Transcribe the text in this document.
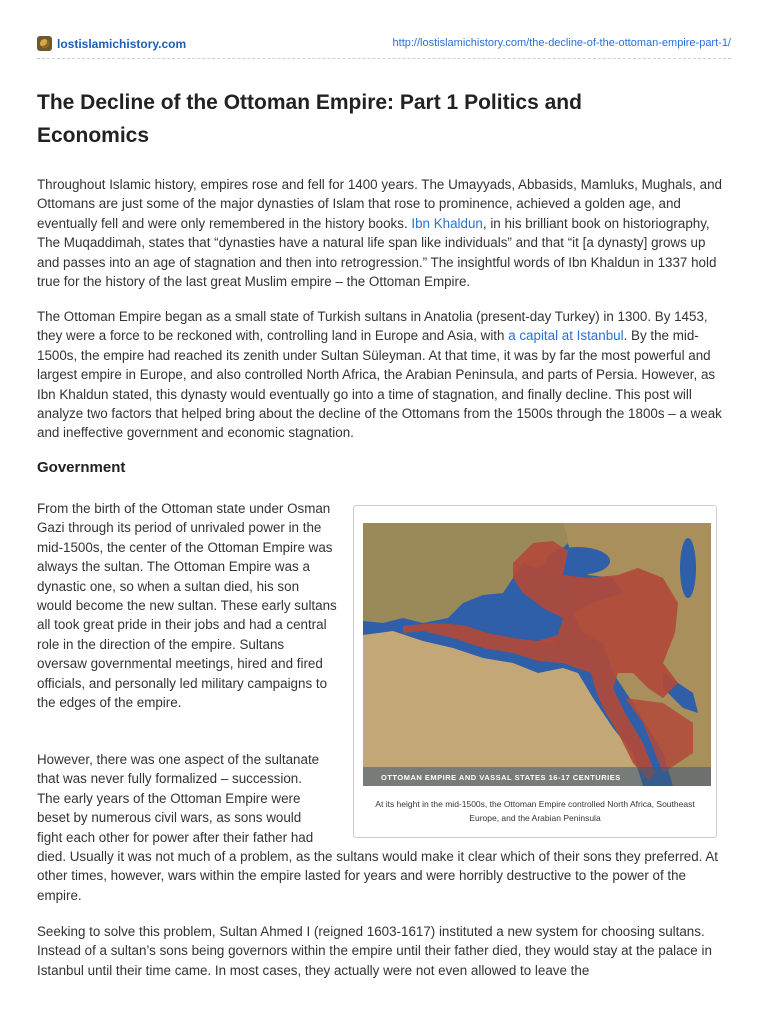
lostislamichistory.com	http://lostislamichistory.com/the-decline-of-the-ottoman-empire-part-1/
The Decline of the Ottoman Empire: Part 1 Politics and Economics

Throughout Islamic history, empires rose and fell for 1400 years. The Umayyads, Abbasids, Mamluks, Mughals, and Ottomans are just some of the major dynasties of Islam that rose to prominence, achieved a golden age, and eventually fell and were only remembered in the history books. Ibn Khaldun, in his brilliant book on historiography, The Muqaddimah, states that “dynasties have a natural life span like individuals” and that “it [a dynasty] grows up and passes into an age of stagnation and then into retrogression.” The insightful words of Ibn Khaldun in 1337 hold true for the history of the last great Muslim empire – the Ottoman Empire.

The Ottoman Empire began as a small state of Turkish sultans in Anatolia (present-day Turkey) in 1300. By 1453, they were a force to be reckoned with, controlling land in Europe and Asia, with a capital at Istanbul. By the mid-1500s, the empire had reached its zenith under Sultan Süleyman. At that time, it was by far the most powerful and largest empire in Europe, and also controlled North Africa, the Arabian Peninsula, and parts of Persia. However, as Ibn Khaldun stated, this dynasty would eventually go into a time of stagnation, and finally decline. This post will analyze two factors that helped bring about the decline of the Ottomans from the 1500s through the 1800s – a weak and ineffective government and economic stagnation.

Government

From the birth of the Ottoman state under Osman Gazi through its period of unrivaled power in the mid-1500s, the center of the Ottoman Empire was always the sultan. The Ottoman Empire was a dynastic one, so when a sultan died, his son would become the new sultan. These early sultans all took great pride in their jobs and had a central role in the direction of the empire. Sultans oversaw governmental meetings, hired and fired officials, and personally led military campaigns to the edges of the empire.

However, there was one aspect of the sultanate
that was never fully formalized – succession.
The early years of the Ottoman Empire were
beset by numerous civil wars, as sons would
fight each other for power after their father had
died. Usually it was not much of a problem, as the sultans would make it clear which of their sons they preferred. At other times, however, wars within the empire lasted for years and were horribly destructive to the power of the empire.

Seeking to solve this problem, Sultan Ahmed I (reigned 1603-1617) instituted a new system for choosing sultans. Instead of a sultan’s sons being governors within the empire until their father died, they would stay at the palace in Istanbul until their time came. In most cases, they actually were not even allowed to leave the

OTTOMAN EMPIRE AND VASSAL STATES 16-17 CENTURIES
At its height in the mid-1500s, the Ottoman Empire controlled North Africa, Southeast Europe, and the Arabian Peninsula
